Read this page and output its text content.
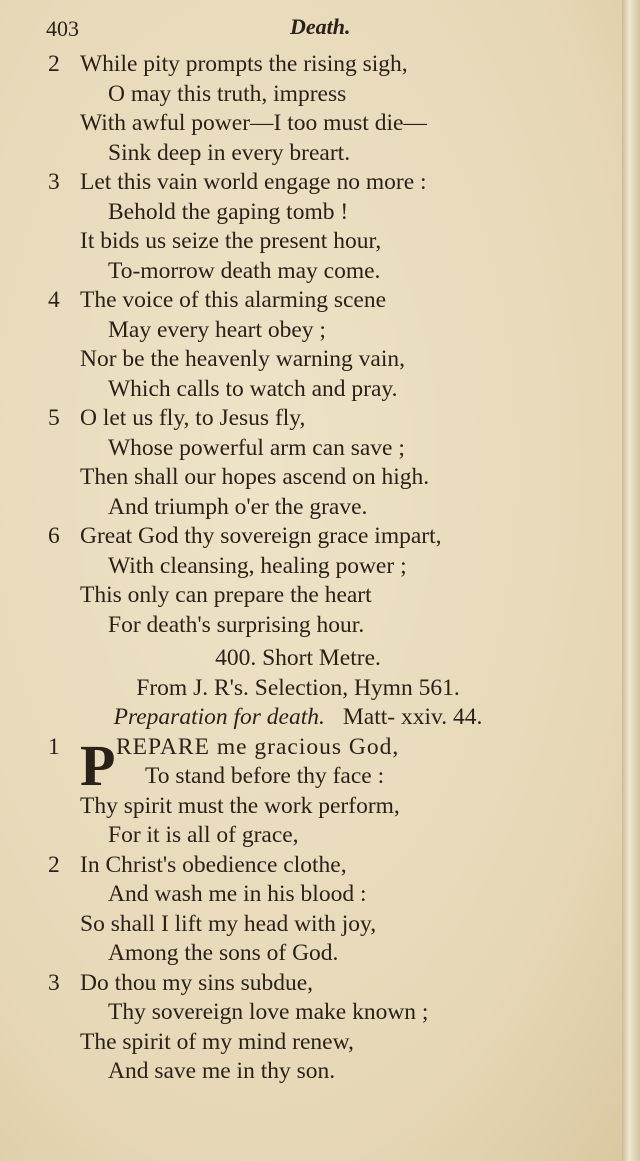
403	Death.
2 While pity prompts the rising sigh,
O may this truth, impress
With awful power—I too must die—
Sink deep in every breart.
3 Let this vain world engage no more :
Behold the gaping tomb !
It bids us seize the present hour,
To-morrow death may come.
4 The voice of this alarming scene
May every heart obey ;
Nor be the heavenly warning vain,
Which calls to watch and pray.
5 O let us fly, to Jesus fly,
Whose powerful arm can save ;
Then shall our hopes ascend on high.
And triumph o'er the grave.
6 Great God thy sovereign grace impart,
With cleansing, healing power ;
This only can prepare the heart
For death's surprising hour.
400. Short Metre.
From J. R's. Selection, Hymn 561.
Preparation for death. Matt- xxiv. 44.
1 P REPARE me gracious God,
To stand before thy face :
Thy spirit must the work perform,
For it is all of grace,
2 In Christ's obedience clothe,
And wash me in his blood :
So shall I lift my head with joy,
Among the sons of God.
3 Do thou my sins subdue,
Thy sovereign love make known ;
The spirit of my mind renew,
And save me in thy son.
